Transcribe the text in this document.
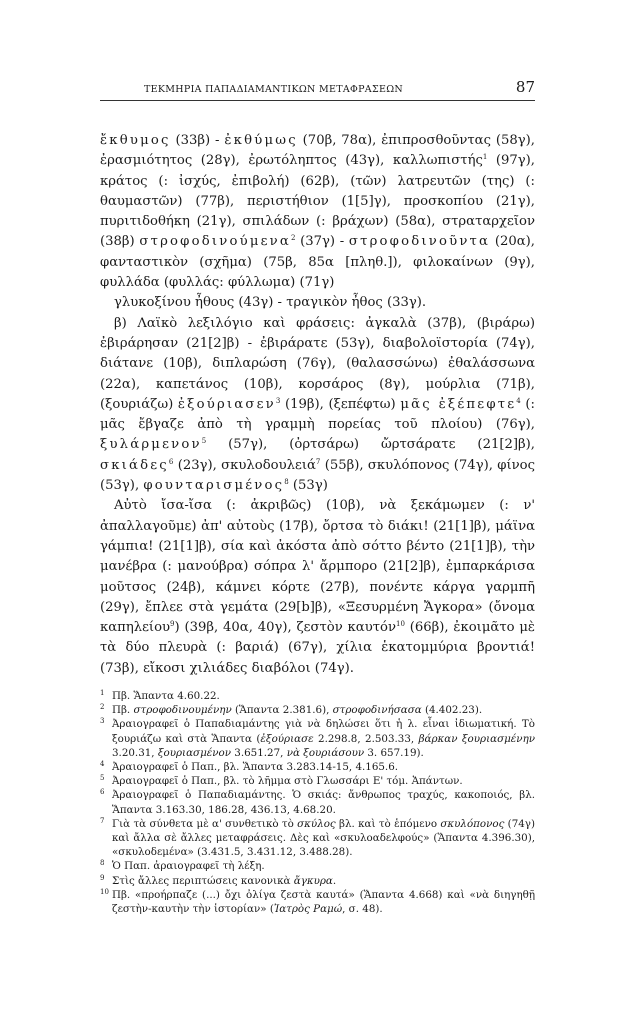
ΤΕΚΜΗΡΙΑ ΠΑΠΑΔΙΑΜΑΝΤΙΚΩΝ ΜΕΤΑΦΡΑΣΕΩΝ	87

ἔκθυμος (33β) - ἐκθύμως (70β, 78α), ἐπιπροσθοῦντας (58γ), ἐρασμιότητος (28γ), ἐρωτόληπτος (43γ), καλλωπιστής$^1$ (97γ), κράτος (: ἰσχύς, ἐπιβολή) (62β), (τῶν) λατρευτῶν (της) (: θαυμαστῶν) (77β), περιστήθιον (1[5]γ), προσκοπίου (21γ), πυριτιδοθήκη (21γ), σπιλάδων (: βράχων) (58α), στραταρχεῖον (38β) στροφοδινούμενα$^2$ (37γ) - στροφοδινοῦντα (20α), φανταστικὸν (σχῆμα) (75β, 85α [πληθ.]), φιλοκαίνων (9γ), φυλλάδα (φυλλάς: φύλλωμα) (71γ)

γλυκοξίνου ἦθους (43γ) - τραγικὸν ἦθος (33γ).

β) Λαϊκὸ λεξιλόγιο καὶ φράσεις: ἀγκαλὰ (37β), (βιράρω) ἐβιράρησαν (21[2]β) - ἐβιράρατε (53γ), διαβολοϊστορία (74γ), διάτανε (10β), διπλαρώση (76γ), (θαλασσώνω) ἐθαλάσσωνα (22α), καπετάνος (10β), κορσάρος (8γ), μούρλια (71β), (ξουριάζω) ἐξούριασεν$^3$ (19β), (ξεπέφτω) μᾶς ἐξέπεφτε$^4$ (: μᾶς ἔβγαζε ἀπὸ τὴ γραμμὴ πορείας τοῦ πλοίου) (76γ), ξυλάρμενον$^5$ (57γ), (ὀρτσάρω) ὤρτσάρατε (21[2]β), σκιάδες$^6$ (23γ), σκυλοδουλειά$^7$ (55β), σκυλόπονος (74γ), φίνος (53γ), φουνταρισμένος$^8$ (53γ)

Αὐτὸ ἴσα-ἴσα (: ἀκριβῶς) (10β), νὰ ξεκάμωμεν (: ν' ἀπαλλαγοῦμε) ἀπ' αὐτοὺς (17β), ὄρτσα τὸ διάκι! (21[1]β), μάϊνα γάμπια! (21[1]β), σία καὶ ἀκόστα ἀπὸ σόττο βέντο (21[1]β), τὴν μανέβρα (: μανούβρα) σόπρα λ' ἄρμπορο (21[2]β), ἐμπαρκάρισα μοῦτσος (24β), κάμνει κόρτε (27β), πονέντε κάργα γαρμπῆ (29γ), ἔπλεε στὰ γεμάτα (29[b]β), «Ξεσυρμένη Ἄγκορα» (ὄνομα καπηλείου$^9$) (39β, 40α, 40γ), ζεστὸν καυτόν$^{10}$ (66β), ἐκοιμᾶτο μὲ τὰ δύο πλευρὰ (: βαριά) (67γ), χίλια ἑκατομμύρια βροντιά! (73β), εἴκοσι χιλιάδες διαβόλοι (74γ).

1 Πβ. Ἅπαντα 4.60.22.
2 Πβ. στροφοδινουμένην (Ἅπαντα 2.381.6), στροφοδινήσασα (4.402.23).
3 Ἀραιογραφεῖ ὁ Παπαδιαμάντης γιὰ νὰ δηλώσει ὅτι ἡ λ. εἶναι ἰδιωματική. Τὸ ξουριάζω καὶ στὰ Ἅπαντα (ἐξούριασε 2.298.8, 2.503.33, βάρκαν ξουριασμένην 3.20.31, ξουριασμένον 3.651.27, νὰ ξουριάσουν 3. 657.19).
4 Ἀραιογραφεῖ ὁ Παπ., βλ. Ἅπαντα 3.283.14-15, 4.165.6.
5 Ἀραιογραφεῖ ὁ Παπ., βλ. τὸ λῆμμα στὸ Γλωσσάρι Ε' τόμ. Ἁπάντων.
6 Ἀραιογραφεῖ ὁ Παπαδιαμάντης. Ὁ σκιάς: ἄνθρωπος τραχύς, κακοποιός, βλ. Ἅπαντα 3.163.30, 186.28, 436.13, 4.68.20.
7 Γιὰ τὰ σύνθετα μὲ α' συνθετικὸ τὸ σκύλος βλ. καὶ τὸ ἑπόμενο σκυλόπονος (74γ) καὶ ἄλλα σὲ ἄλλες μεταφράσεις. Δὲς καὶ «σκυλοαδελφούς» (Ἅπαντα 4.396.30), «σκυλοδεμένα» (3.431.5, 3.431.12, 3.488.28).
8 Ὁ Παπ. ἀραιογραφεῖ τὴ λέξη.
9 Στὶς ἄλλες περιπτώσεις κανονικὰ ἄγκυρα.
10 Πβ. «προήρπαζε (...) ὄχι ὀλίγα ζεστὰ καυτά» (Ἅπαντα 4.668) καὶ «νὰ διηγηθῇ ζεστὴν-καυτὴν τὴν ἱστορίαν» (Ἰατρὸς Ραμώ, σ. 48).
